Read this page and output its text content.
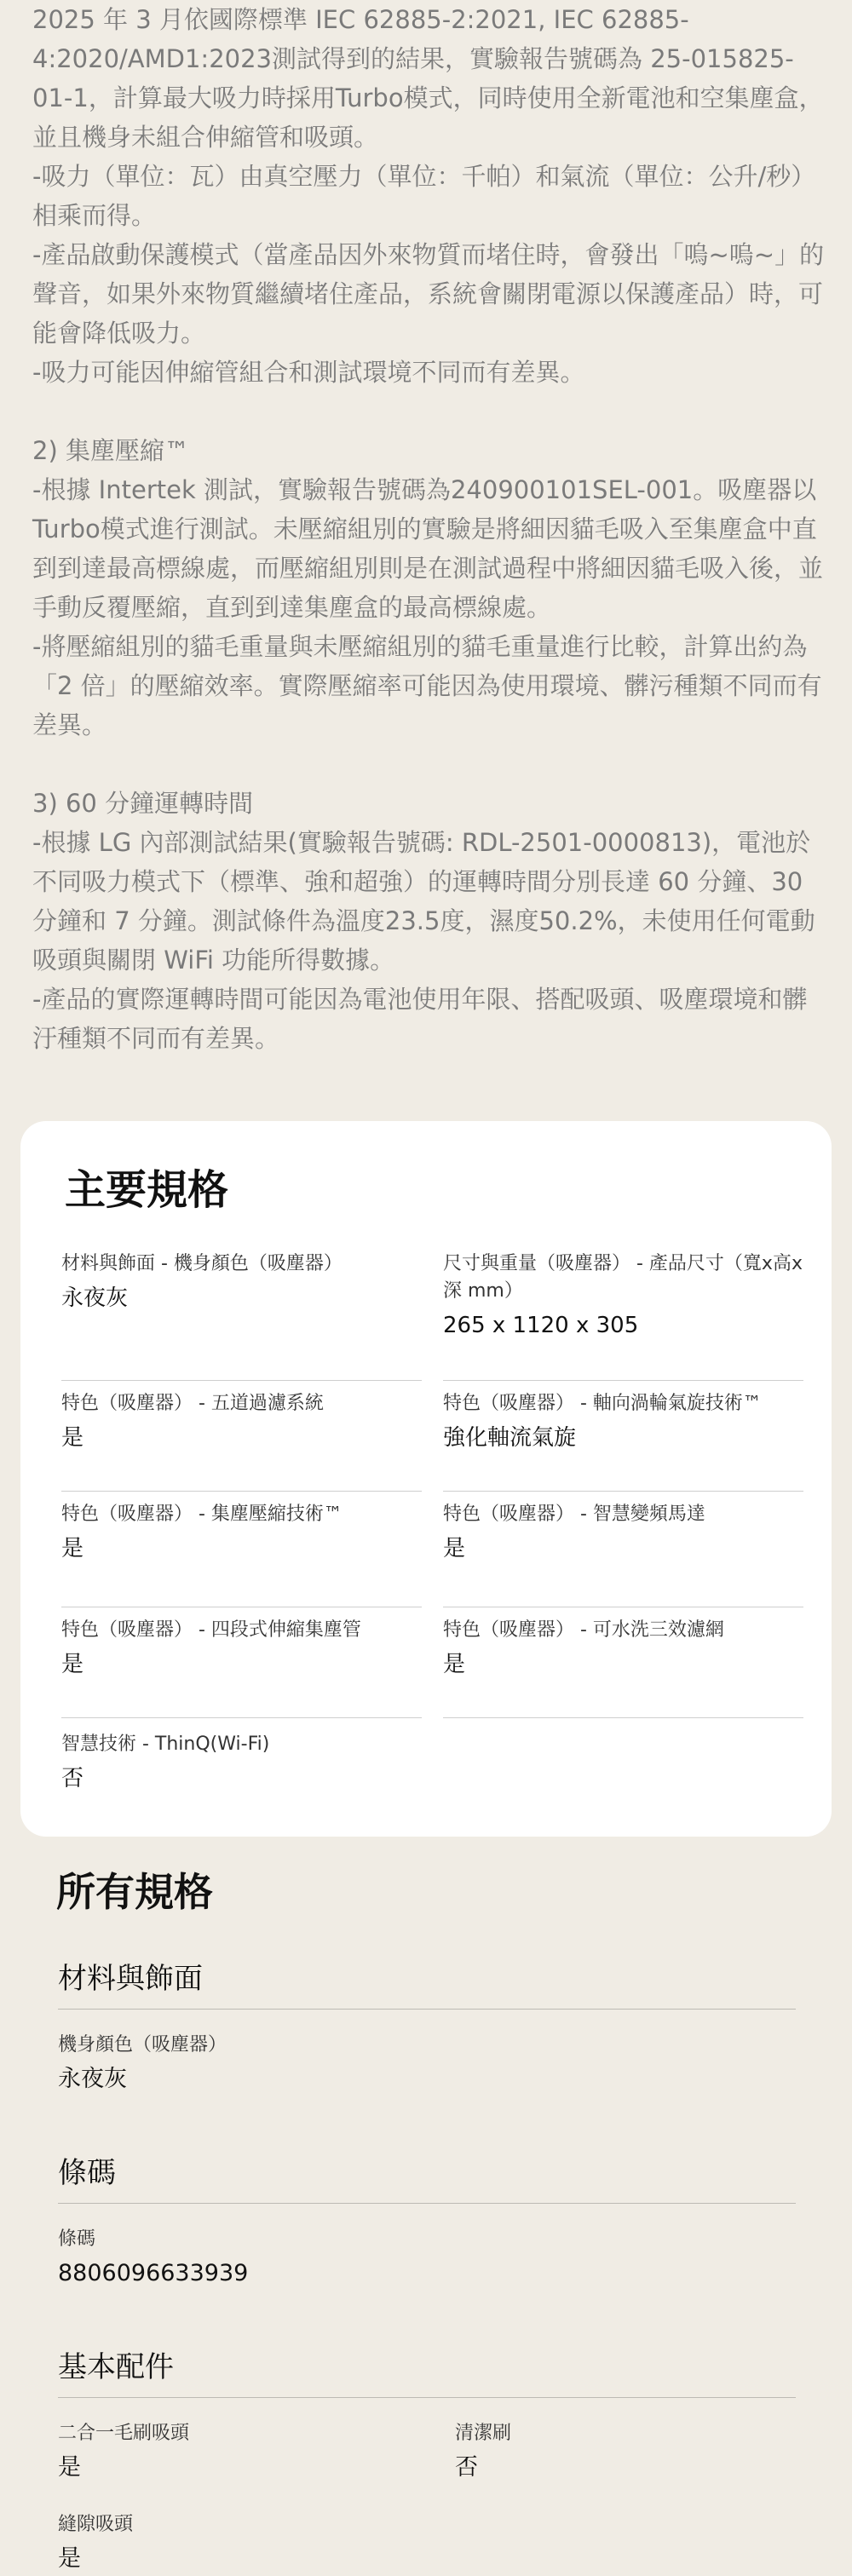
2025 年 3 月依國際標準 IEC 62885-2:2021, IEC 62885-4:2020/AMD1:2023測試得到的結果，實驗報告號碼為 25-015825-01-1，計算最大吸力時採用Turbo模式，同時使用全新電池和空集塵盒，並且機身未組合伸縮管和吸頭。

-吸力（單位：瓦）由真空壓力（單位：千帕）和氣流（單位：公升/秒）相乘而得。

-產品啟動保護模式（當產品因外來物質而堵住時，會發出「嗚~嗚~」的聲音，如果外來物質繼續堵住產品，系統會關閉電源以保護產品）時，可能會降低吸力。

-吸力可能因伸縮管組合和測試環境不同而有差異。

2) 集塵壓縮™

-根據 Intertek 測試，實驗報告號碼為240900101SEL-001。吸塵器以Turbo模式進行測試。未壓縮組別的實驗是將細因貓毛吸入至集塵盒中直到到達最高標線處，而壓縮組別則是在測試過程中將細因貓毛吸入後，並手動反覆壓縮，直到到達集塵盒的最高標線處。

-將壓縮組別的貓毛重量與未壓縮組別的貓毛重量進行比較，計算出約為「2 倍」的壓縮效率。實際壓縮率可能因為使用環境、髒污種類不同而有差異。

3) 60 分鐘運轉時間

-根據 LG 內部測試結果(實驗報告號碼: RDL-2501-0000813)，電池於不同吸力模式下（標準、強和超強）的運轉時間分別長達 60 分鐘、30 分鐘和 7 分鐘。測試條件為溫度23.5度，濕度50.2%，未使用任何電動吸頭與關閉 WiFi 功能所得數據。

-產品的實際運轉時間可能因為電池使用年限、搭配吸頭、吸塵環境和髒汙種類不同而有差異。

主要規格
材料與飾面 - 機身顏色（吸塵器）
永夜灰
尺寸與重量（吸塵器） - 產品尺寸（寬x高x深 mm）
265 x 1120 x 305
特色（吸塵器） - 五道過濾系統
是
特色（吸塵器） - 軸向渦輪氣旋技術™
強化軸流氣旋
特色（吸塵器） - 集塵壓縮技術™
是
特色（吸塵器） - 智慧變頻馬達
是
特色（吸塵器） - 四段式伸縮集塵管
是
特色（吸塵器） - 可水洗三效濾網
是
智慧技術 - ThinQ(Wi-Fi)
否
所有規格
材料與飾面
機身顏色（吸塵器）
永夜灰
條碼
條碼
8806096633939
基本配件
二合一毛刷吸頭
是
清潔刷
否
縫隙吸頭
是
